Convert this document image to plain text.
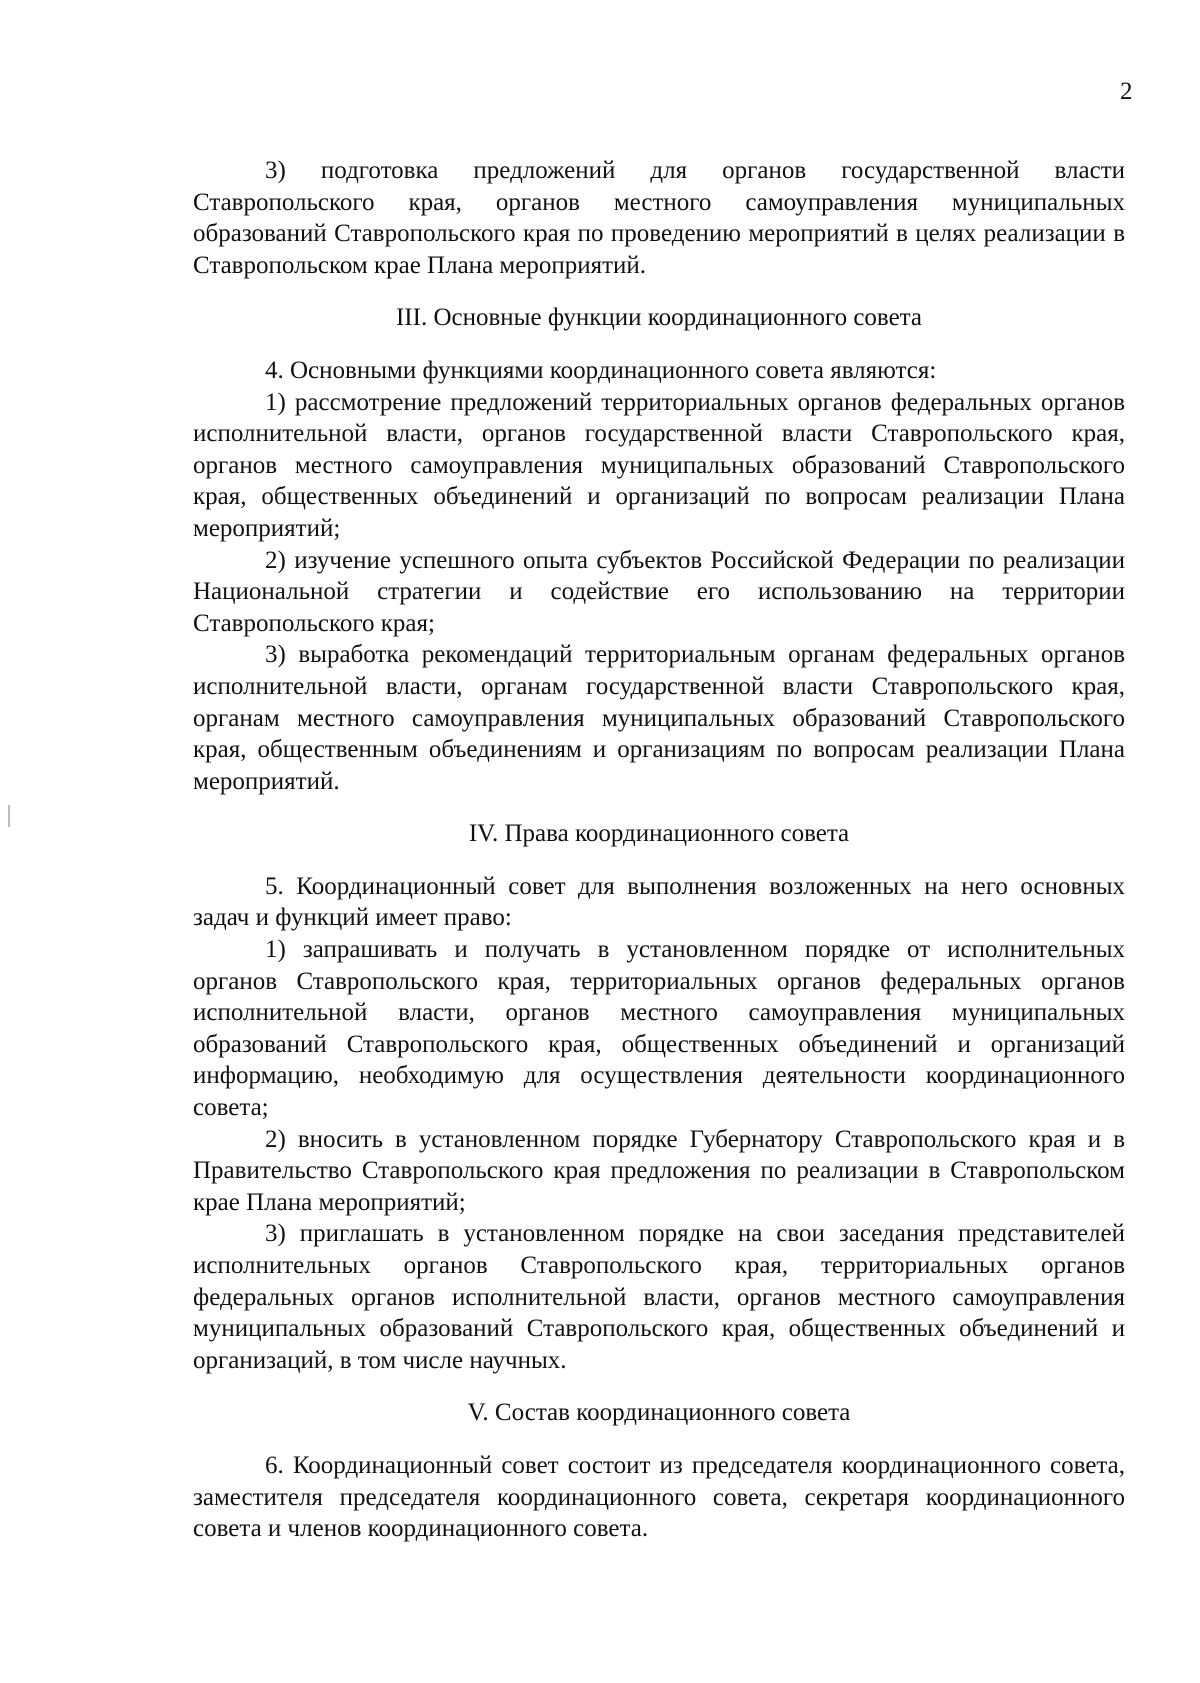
2

3) подготовка предложений для органов государственной власти Ставропольского края, органов местного самоуправления муниципальных образований Ставропольского края по проведению мероприятий в целях реализации в Ставропольском крае Плана мероприятий.

III. Основные функции координационного совета

4. Основными функциями координационного совета являются:

1) рассмотрение предложений территориальных органов федеральных органов исполнительной власти, органов государственной власти Ставропольского края, органов местного самоуправления муниципальных образований Ставропольского края, общественных объединений и организаций по вопросам реализации Плана мероприятий;

2) изучение успешного опыта субъектов Российской Федерации по реализации Национальной стратегии и содействие его использованию на территории Ставропольского края;

3) выработка рекомендаций территориальным органам федеральных органов исполнительной власти, органам государственной власти Ставропольского края, органам местного самоуправления муниципальных образований Ставропольского края, общественным объединениям и организациям по вопросам реализации Плана мероприятий.

IV. Права координационного совета

5. Координационный совет для выполнения возложенных на него основных задач и функций имеет право:

1) запрашивать и получать в установленном порядке от исполнительных органов Ставропольского края, территориальных органов федеральных органов исполнительной власти, органов местного самоуправления муниципальных образований Ставропольского края, общественных объединений и организаций информацию, необходимую для осуществления деятельности координационного совета;

2) вносить в установленном порядке Губернатору Ставропольского края и в Правительство Ставропольского края предложения по реализации в Ставропольском крае Плана мероприятий;

3) приглашать в установленном порядке на свои заседания представителей исполнительных органов Ставропольского края, территориальных органов федеральных органов исполнительной власти, органов местного самоуправления муниципальных образований Ставропольского края, общественных объединений и организаций, в том числе научных.

V. Состав координационного совета

6. Координационный совет состоит из председателя координационного совета, заместителя председателя координационного совета, секретаря координационного совета и членов координационного совета.
